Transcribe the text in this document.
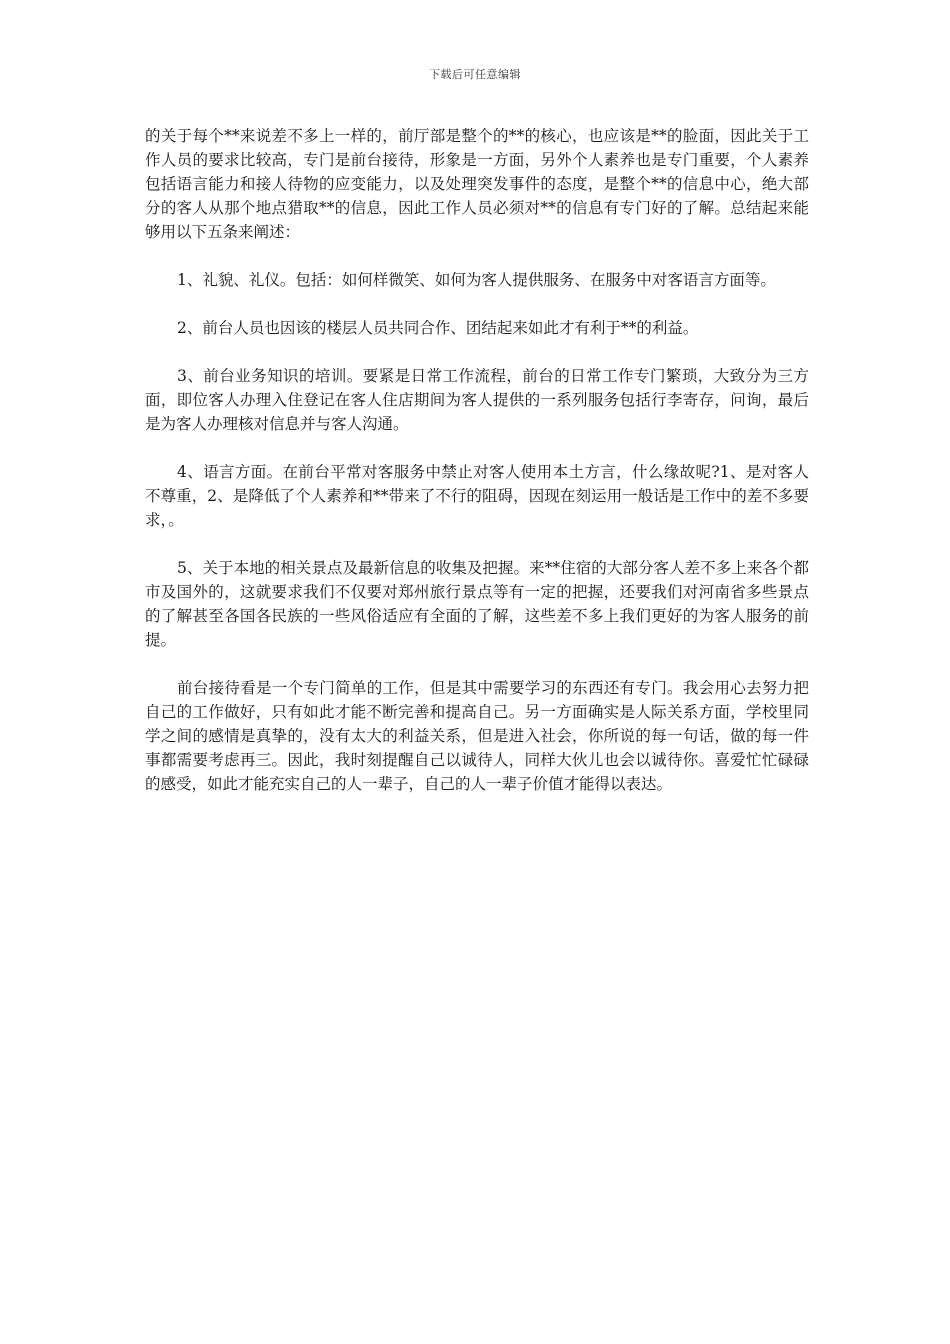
下载后可任意编辑

的关于每个**来说差不多上一样的，前厅部是整个的**的核心，也应该是**的脸面，因此关于工作人员的要求比较高，专门是前台接待，形象是一方面，另外个人素养也是专门重要，个人素养包括语言能力和接人待物的应变能力，以及处理突发事件的态度，是整个**的信息中心，绝大部分的客人从那个地点猎取**的信息，因此工作人员必须对**的信息有专门好的了解。总结起来能够用以下五条来阐述：

1、礼貌、礼仪。包括：如何样微笑、如何为客人提供服务、在服务中对客语言方面等。

2、前台人员也因该的楼层人员共同合作、团结起来如此才有利于**的利益。

3、前台业务知识的培训。要紧是日常工作流程，前台的日常工作专门繁琐，大致分为三方面，即位客人办理入住登记在客人住店期间为客人提供的一系列服务包括行李寄存，问询，最后是为客人办理核对信息并与客人沟通。

4、语言方面。在前台平常对客服务中禁止对客人使用本土方言，什么缘故呢?1、是对客人不尊重，2、是降低了个人素养和**带来了不行的阻碍，因现在刻运用一般话是工作中的差不多要求，。

5、关于本地的相关景点及最新信息的收集及把握。来**住宿的大部分客人差不多上来各个都市及国外的，这就要求我们不仅要对郑州旅行景点等有一定的把握，还要我们对河南省多些景点的了解甚至各国各民族的一些风俗适应有全面的了解，这些差不多上我们更好的为客人服务的前提。

前台接待看是一个专门简单的工作，但是其中需要学习的东西还有专门。我会用心去努力把自己的工作做好，只有如此才能不断完善和提高自己。另一方面确实是人际关系方面，学校里同学之间的感情是真挚的，没有太大的利益关系，但是进入社会，你所说的每一句话，做的每一件事都需要考虑再三。因此，我时刻提醒自己以诚待人，同样大伙儿也会以诚待你。喜爱忙忙碌碌的感受，如此才能充实自己的人一辈子，自己的人一辈子价值才能得以表达。
